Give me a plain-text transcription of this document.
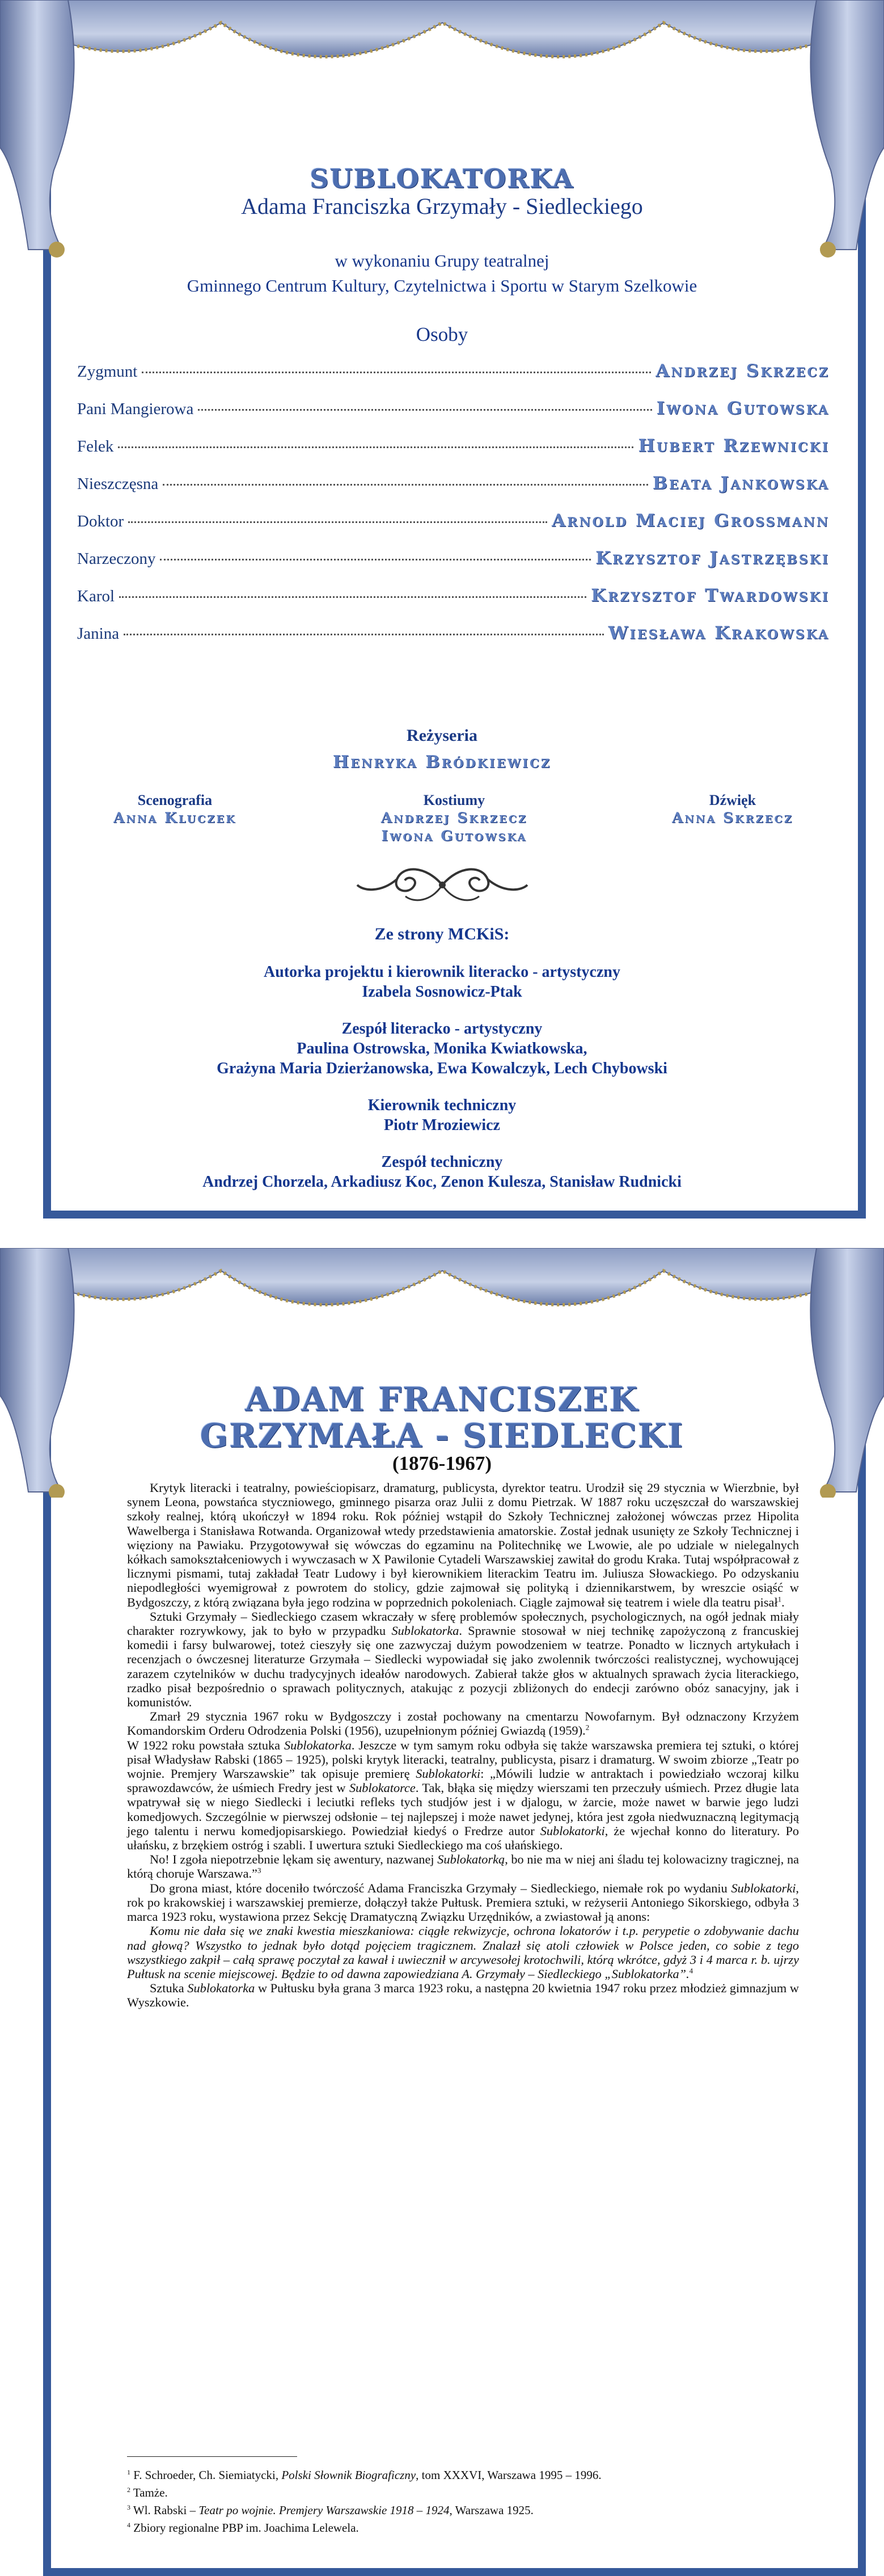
SUBLOKATORKA
Adama Franciszka Grzymały - Siedleckiego
w wykonaniu Grupy teatralnej
Gminnego Centrum Kultury, Czytelnictwa i Sportu w Starym Szelkowie
Osoby
Zygmunt	Andrzej Skrzecz
Pani Mangierowa	Iwona Gutowska
Felek	Hubert Rzewnicki
Nieszczęsna	Beata Jankowska
Doktor	Arnold Maciej Grossmann
Narzeczony	Krzysztof Jastrzębski
Karol	Krzysztof Twardowski
Janina	Wiesława Krakowska
Reżyseria
Henryka Bródkiewicz
Scenografia
Anna Kluczek
Kostiumy
Andrzej Skrzecz
Iwona Gutowska
Dźwięk
Anna Skrzecz
Ze strony MCKiS:
Autorka projektu i kierownik literacko - artystyczny
Izabela Sosnowicz-Ptak
Zespół literacko - artystyczny
Paulina Ostrowska, Monika Kwiatkowska,
Grażyna Maria Dzierżanowska, Ewa Kowalczyk, Lech Chybowski
Kierownik techniczny
Piotr Mroziewicz
Zespół techniczny
Andrzej Chorzela, Arkadiusz Koc, Zenon Kulesza, Stanisław Rudnicki
ADAM FRANCISZEK
GRZYMAŁA - SIEDLECKI
(1876-1967)

Krytyk literacki i teatralny, powieściopisarz, dramaturg, publicysta, dyrektor teatru. Urodził się 29 stycznia w Wierzbnie, był synem Leona, powstańca styczniowego, gminnego pisarza oraz Julii z domu Pietrzak. W 1887 roku uczęszczał do warszawskiej szkoły realnej, którą ukończył w 1894 roku. Rok później wstąpił do Szkoły Technicznej założonej wówczas przez Hipolita Wawelberga i Stanisława Rotwanda. Organizował wtedy przedstawienia amatorskie. Został jednak usunięty ze Szkoły Technicznej i więziony na Pawiaku. Przygotowywał się wówczas do egzaminu na Politechnikę we Lwowie, ale po udziale w nielegalnych kółkach samokształceniowych i wywczasach w X Pawilonie Cytadeli Warszawskiej zawitał do grodu Kraka. Tutaj współpracował z licznymi pismami, tutaj zakładał Teatr Ludowy i był kierownikiem literackim Teatru im. Juliusza Słowackiego. Po odzyskaniu niepodległości wyemigrował z powrotem do stolicy, gdzie zajmował się polityką i dziennikarstwem, by wreszcie osiąść w Bydgoszczy, z którą związana była jego rodzina w poprzednich pokoleniach. Ciągle zajmował się teatrem i wiele dla teatru pisał$^1$.

Sztuki Grzymały – Siedleckiego czasem wkraczały w sferę problemów społecznych, psychologicznych, na ogół jednak miały charakter rozrywkowy, jak to było w przypadku Sublokatorka. Sprawnie stosował w niej technikę zapożyczoną z francuskiej komedii i farsy bulwarowej, toteż cieszyły się one zazwyczaj dużym powodzeniem w teatrze. Ponadto w licznych artykułach i recenzjach o ówczesnej literaturze Grzymała – Siedlecki wypowiadał się jako zwolennik twórczości realistycznej, wychowującej zarazem czytelników w duchu tradycyjnych ideałów narodowych. Zabierał także głos w aktualnych sprawach życia literackiego, rzadko pisał bezpośrednio o sprawach politycznych, atakując z pozycji zbliżonych do endecji zarówno obóz sanacyjny, jak i komunistów.

Zmarł 29 stycznia 1967 roku w Bydgoszczy i został pochowany na cmentarzu Nowofarnym. Był odznaczony Krzyżem Komandorskim Orderu Odrodzenia Polski (1956), uzupełnionym później Gwiazdą (1959).$^2$

W 1922 roku powstała sztuka Sublokatorka. Jeszcze w tym samym roku odbyła się także warszawska premiera tej sztuki, o której pisał Władysław Rabski (1865 – 1925), polski krytyk literacki, teatralny, publicysta, pisarz i dramaturg. W swoim zbiorze „Teatr po wojnie. Premjery Warszawskie” tak opisuje premierę Sublokatorki: „Mówili ludzie w antraktach i powiedziało wczoraj kilku sprawozdawców, że uśmiech Fredry jest w Sublokatorce. Tak, błąka się między wierszami ten przeczuły uśmiech. Przez długie lata wpatrywał się w niego Siedlecki i leciutki refleks tych studjów jest i w djalogu, w żarcie, może nawet w barwie jego ludzi komedjowych. Szczególnie w pierwszej odsłonie – tej najlepszej i może nawet jedynej, która jest zgoła niedwuznaczną legitymacją jego talentu i nerwu komedjopisarskiego. Powiedział kiedyś o Fredrze autor Sublokatorki, że wjechał konno do literatury. Po ułańsku, z brzękiem ostróg i szabli. I uwertura sztuki Siedleckiego ma coś ułańskiego.

No! I zgoła niepotrzebnie lękam się awentury, nazwanej Sublokatorką, bo nie ma w niej ani śladu tej kolowacizny tragicznej, na którą choruje Warszawa.”$^3$

Do grona miast, które doceniło twórczość Adama Franciszka Grzymały – Siedleckiego, niemałe rok po wydaniu Sublokatorki, rok po krakowskiej i warszawskiej premierze, dołączył także Pułtusk. Premiera sztuki, w reżyserii Antoniego Sikorskiego, odbyła 3 marca 1923 roku, wystawiona przez Sekcję Dramatyczną Związku Urzędników, a zwiastował ją anons:

Komu nie dała się we znaki kwestia mieszkaniowa: ciągłe rekwizycje, ochrona lokatorów i t.p. perypetie o zdobywanie dachu nad głową? Wszystko to jednak było dotąd pojęciem tragicznem. Znalazł się atoli człowiek w Polsce jeden, co sobie z tego wszystkiego zakpił – całą sprawę poczytał za kawał i uwiecznił w arcywesołej krotochwili, którą wkrótce, gdyż 3 i 4 marca r. b. ujrzy Pułtusk na scenie miejscowej. Będzie to od dawna zapowiedziana A. Grzymały – Siedleckiego „Sublokatorka”.$^4$

Sztuka Sublokatorka w Pułtusku była grana 3 marca 1923 roku, a następna 20 kwietnia 1947 roku przez młodzież gimnazjum w Wyszkowie.

$^1$ F. Schroeder, Ch. Siemiatycki, Polski Słownik Biograficzny, tom XXXVI, Warszawa 1995 – 1996.
$^2$ Tamże.
$^3$ Wl. Rabski – Teatr po wojnie. Premjery Warszawskie 1918 – 1924, Warszawa 1925.
$^4$ Zbiory regionalne PBP im. Joachima Lelewela.
